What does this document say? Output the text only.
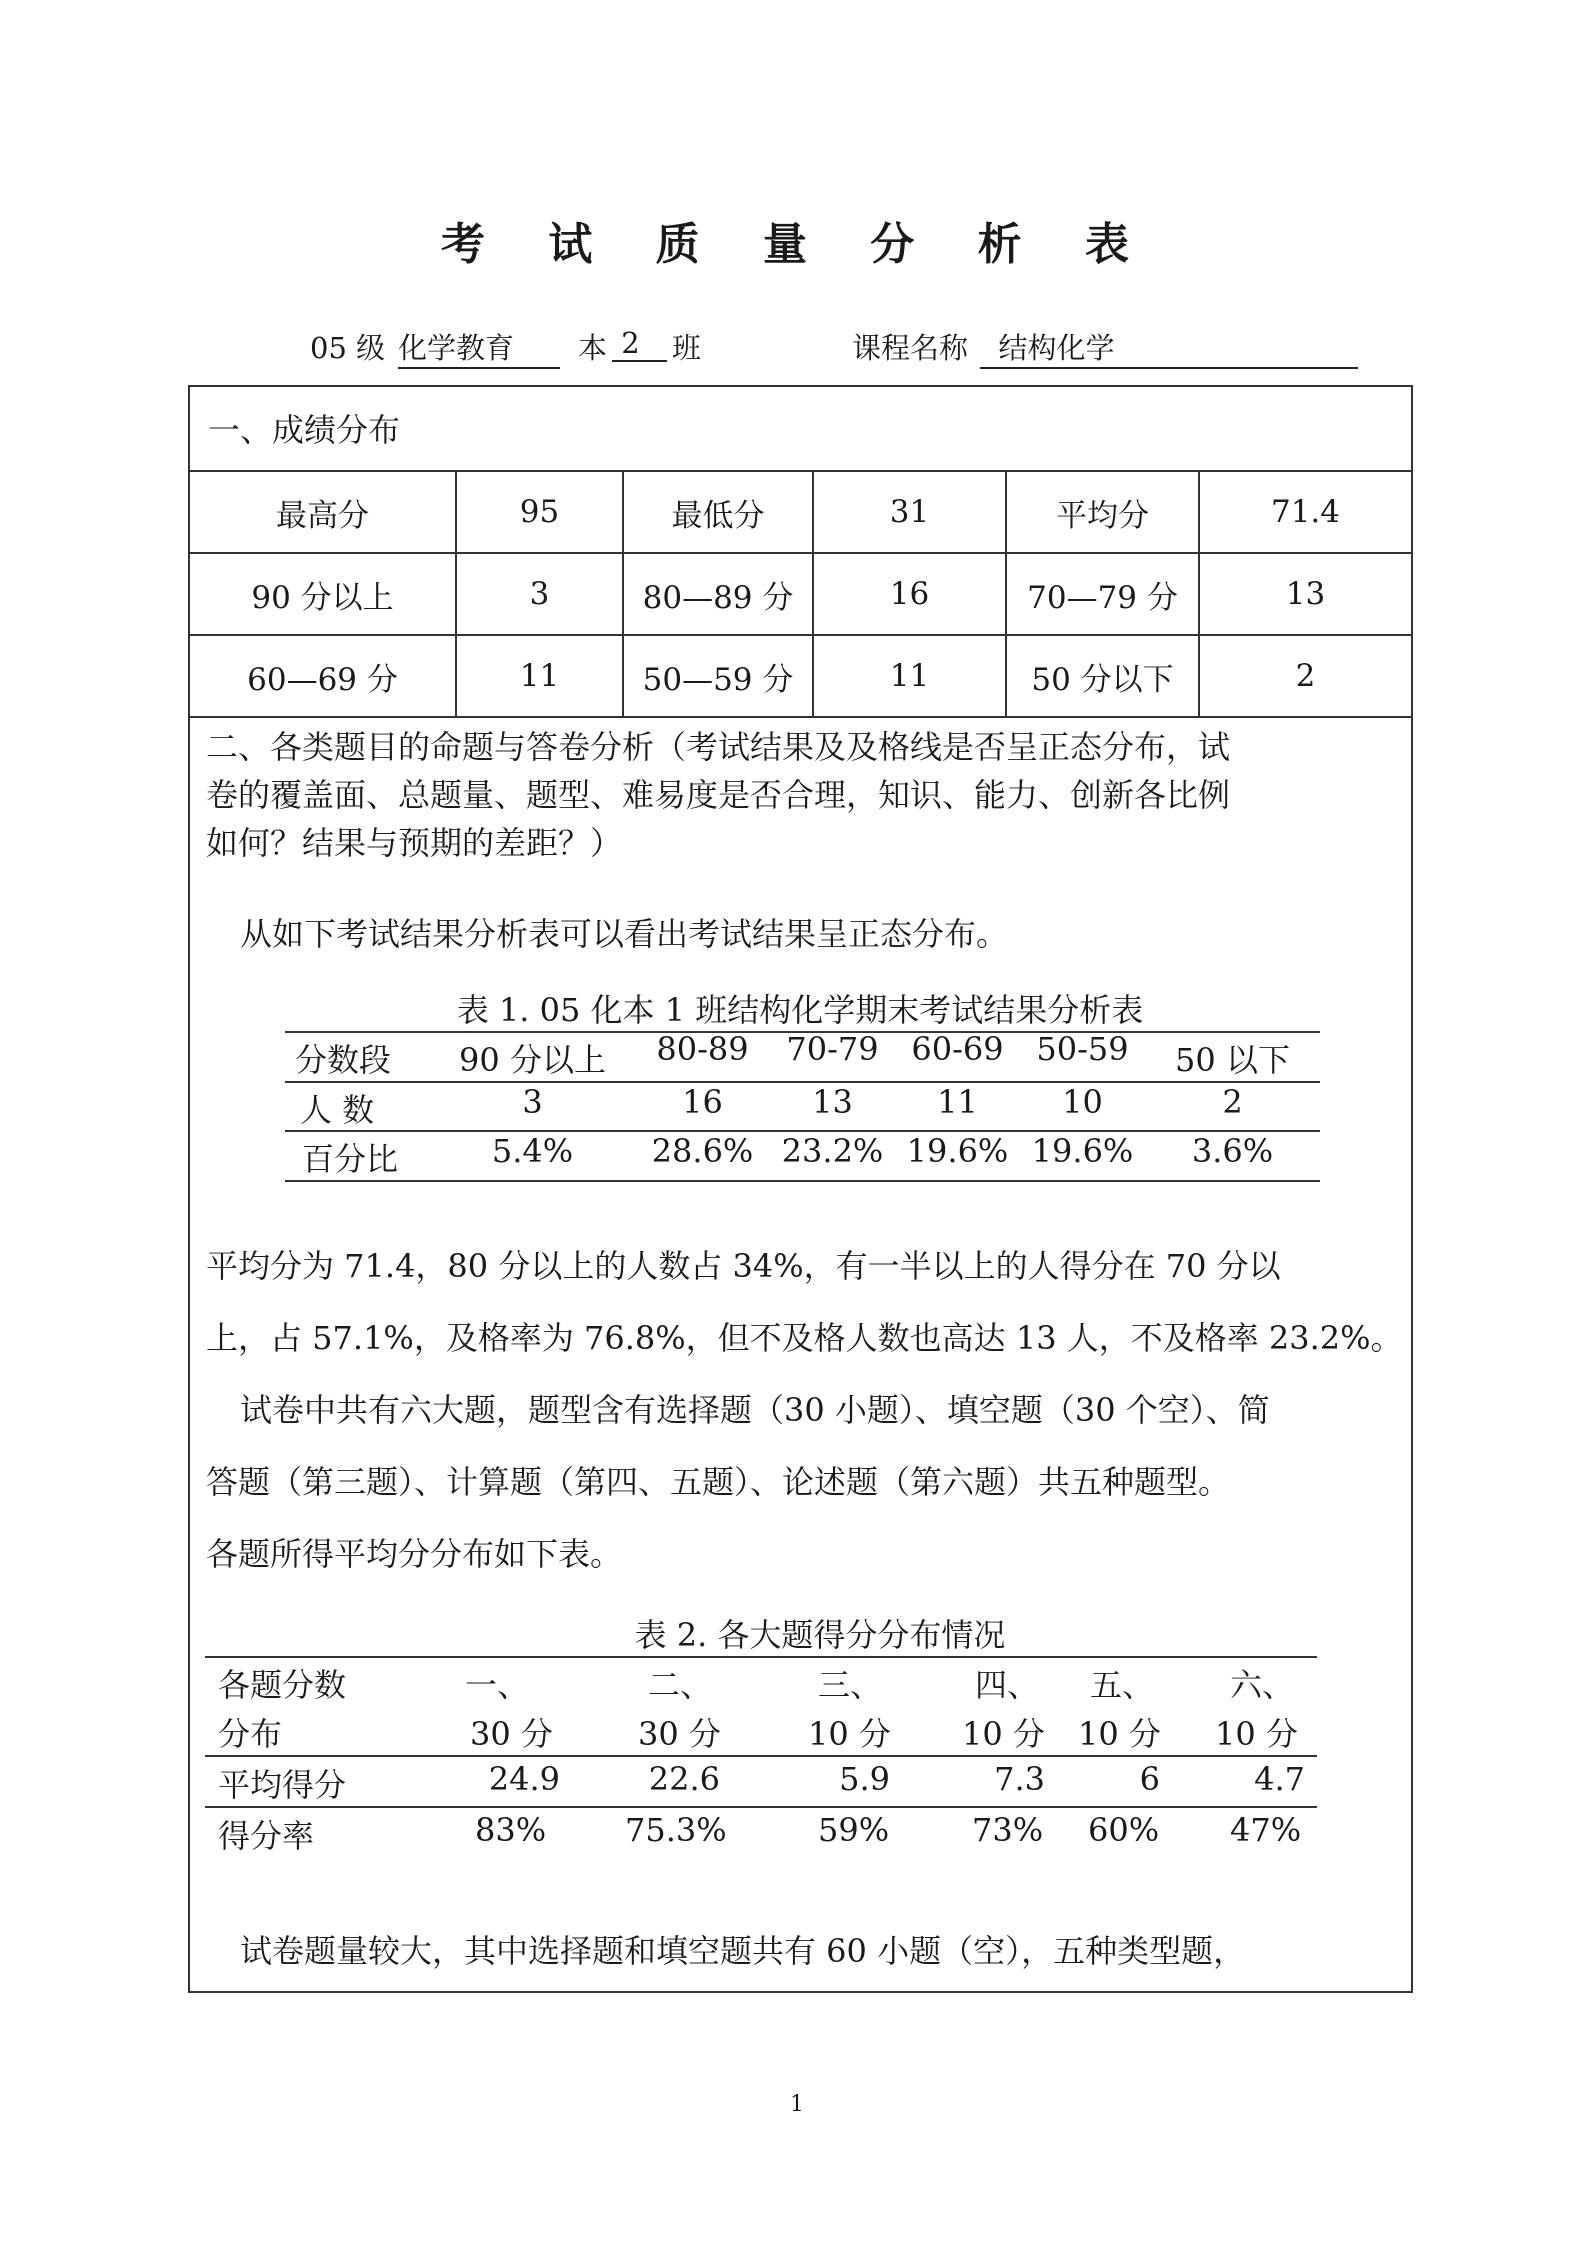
考 试 质 量 分 析 表
05 级 化学教育	本 2	班	课程名称	结构化学
一、成绩分布
最高分	95	最低分	31	平均分	71.4
90 分以上	3	80—89 分	16	70—79 分	13
60—69 分	11	50—59 分	11	50 分以下	2
二、各类题目的命题与答卷分析（考试结果及及格线是否呈正态分布，试
卷的覆盖面、总题量、题型、难易度是否合理，知识、能力、创新各比例
如何？结果与预期的差距？）
从如下考试结果分析表可以看出考试结果呈正态分布。
表 1. 05 化本 1 班结构化学期末考试结果分析表
分数段	90 分以上	80-89	70-79	60-69	50-59	50 以下
人 数	3	16	13	11	10	2
百分比	5.4%	28.6% 23.2% 19.6% 19.6%	3.6%
平均分为 71.4，80 分以上的人数占 34%，有一半以上的人得分在 70 分以
上，占 57.1%，及格率为 76.8%，但不及格人数也高达 13 人，不及格率 23.2%。
试卷中共有六大题，题型含有选择题（30 小题）、填空题（30 个空）、简
答题（第三题）、计算题（第四、五题）、论述题（第六题）共五种题型。
各题所得平均分分布如下表。
表 2. 各大题得分分布情况
各题分数	一、	二、	三、	四、	五、	六、
分布	30 分	30 分	10 分	10 分	10 分	10 分
平均得分	24.9	22.6	5.9	7.3	6	4.7
得分率	83%	75.3%	59%	73%	60%	47%
试卷题量较大，其中选择题和填空题共有 60 小题（空），五种类型题，
1
